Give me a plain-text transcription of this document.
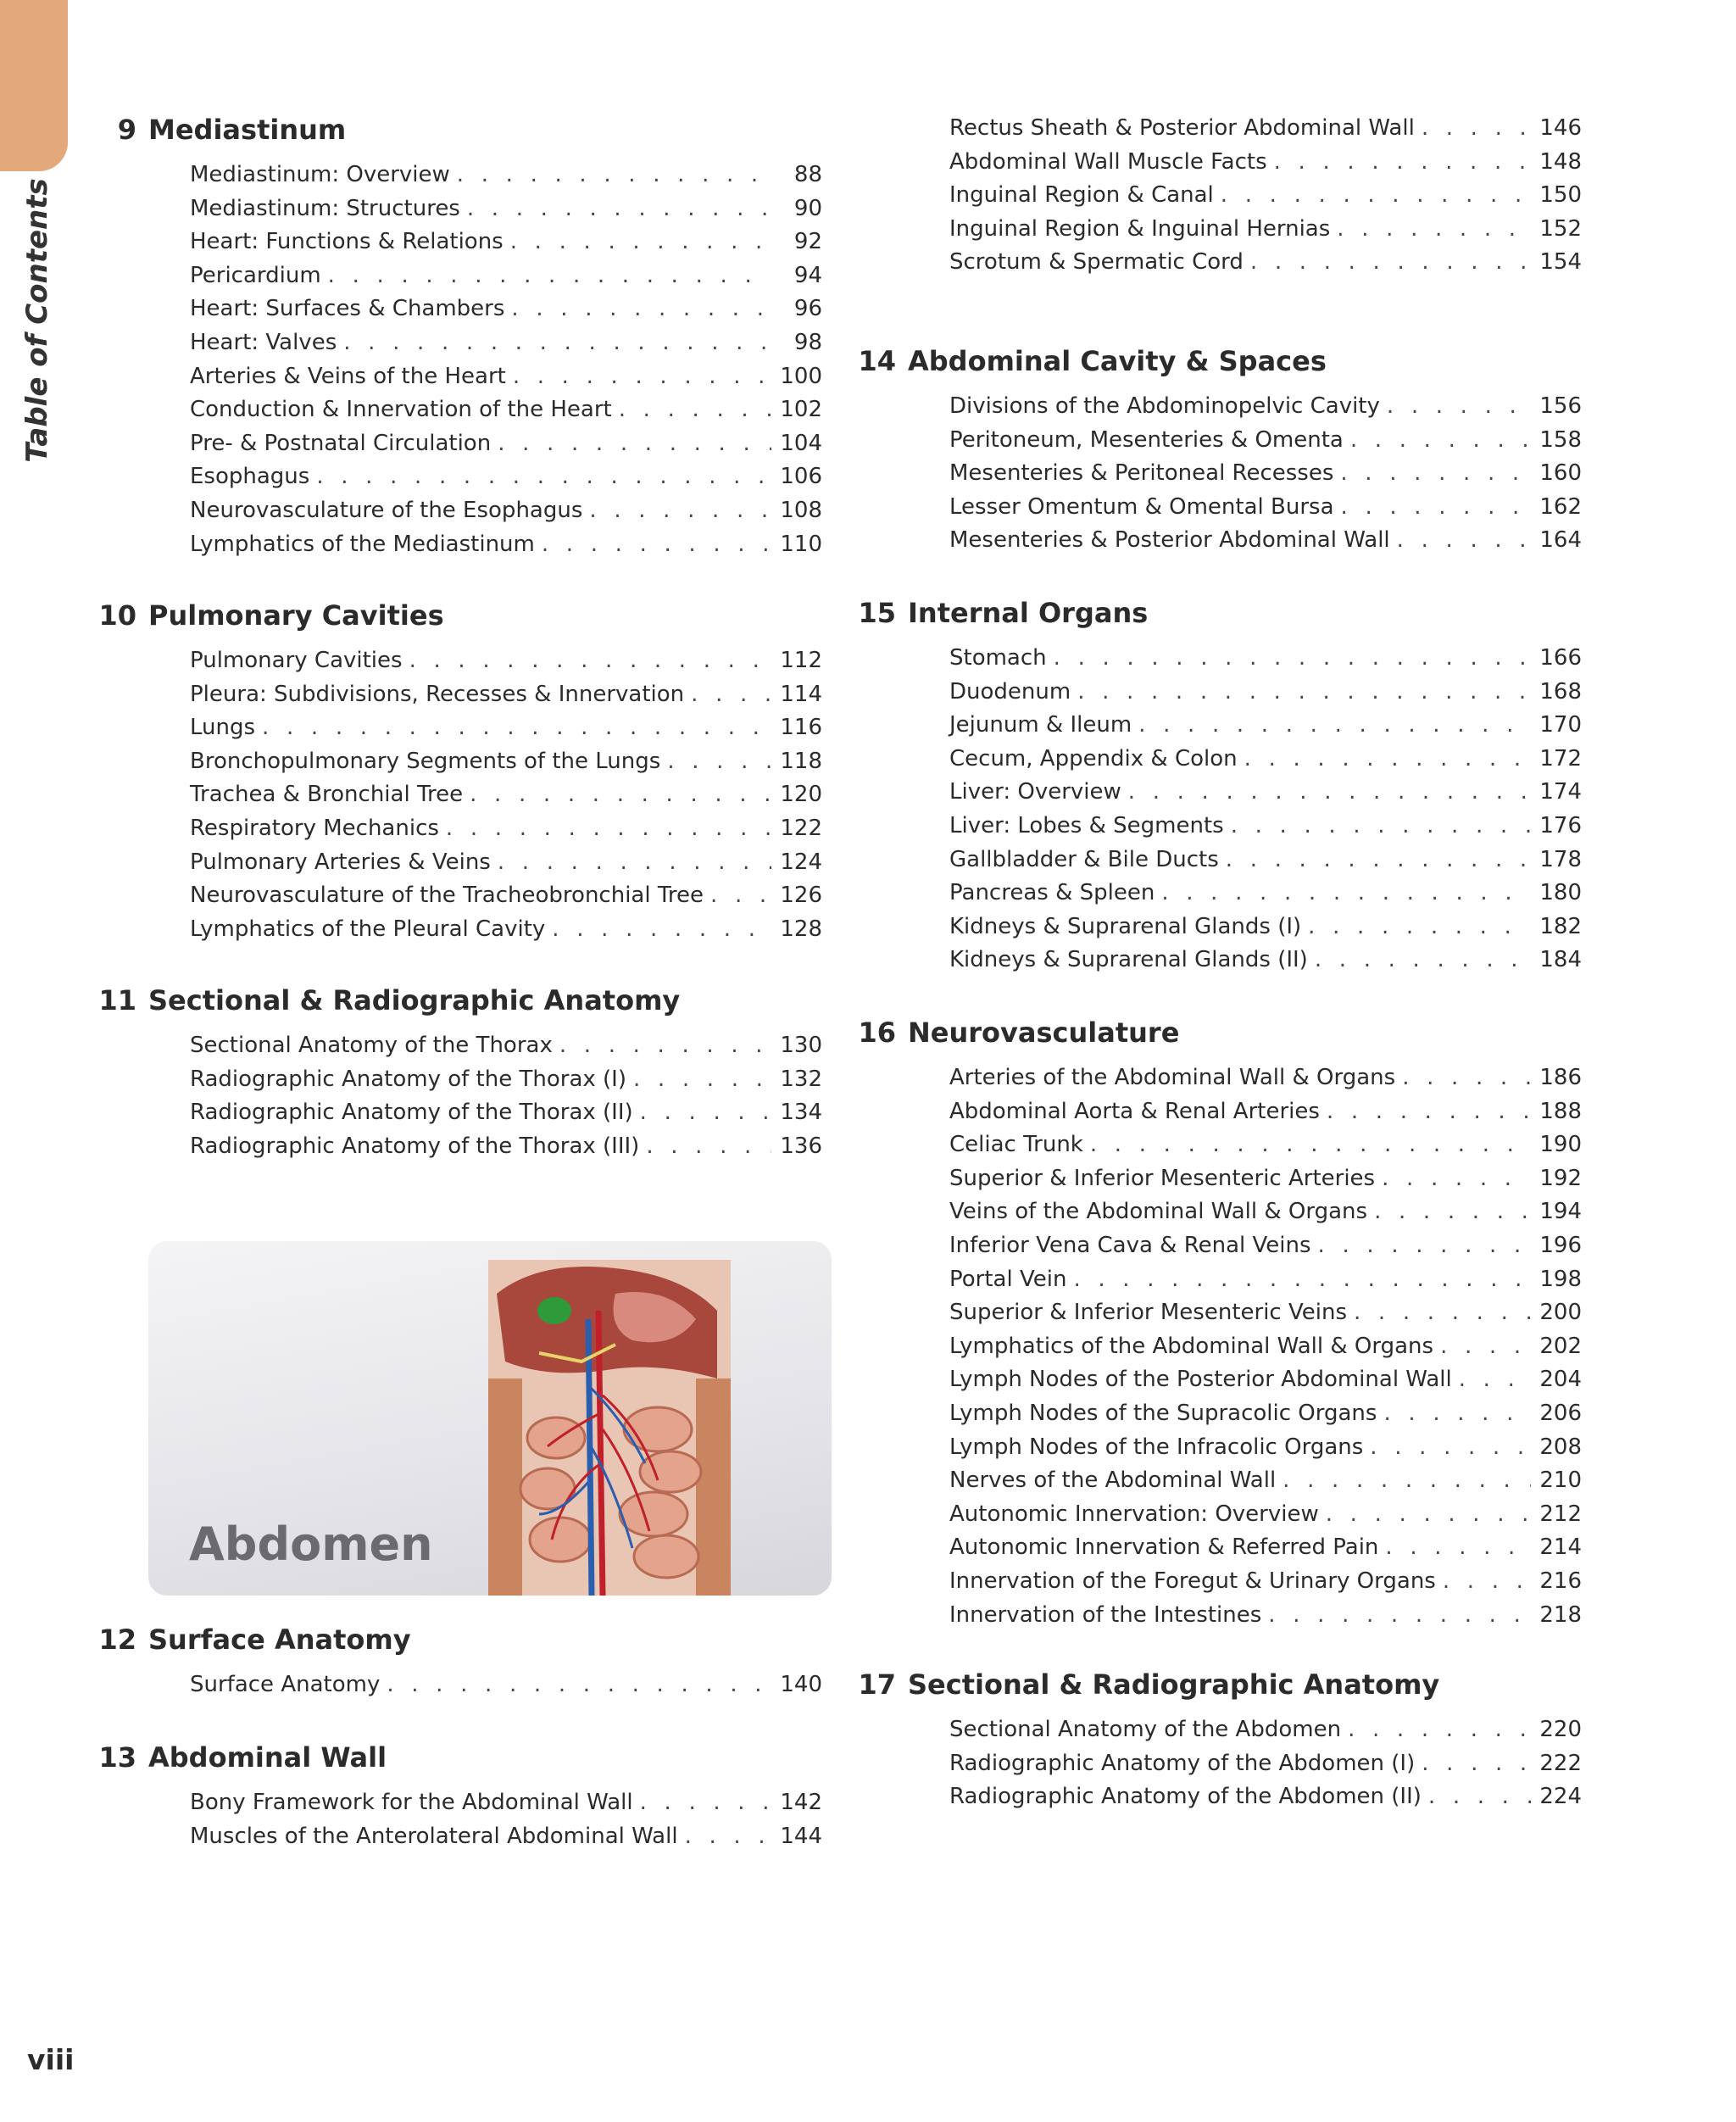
Table of Contents
9 Mediastinum
Mediastinum: Overview . . .	88
Mediastinum: Structures . . .	90
Heart: Functions & Relations . . .	92
Pericardium . . .	94
Heart: Surfaces & Chambers . . .	96
Heart: Valves . . .	98
Arteries & Veins of the Heart . . .	100
Conduction & Innervation of the Heart . . .	102
Pre- & Postnatal Circulation . . .	104
Esophagus . . .	106
Neurovasculature of the Esophagus . . .	108
Lymphatics of the Mediastinum . . .	110
10 Pulmonary Cavities
Pulmonary Cavities . . .	112
Pleura: Subdivisions, Recesses & Innervation . . .	114
Lungs . . .	116
Bronchopulmonary Segments of the Lungs . . .	118
Trachea & Bronchial Tree . . .	120
Respiratory Mechanics . . .	122
Pulmonary Arteries & Veins . . .	124
Neurovasculature of the Tracheobronchial Tree . . .	126
Lymphatics of the Pleural Cavity . . .	128
11 Sectional & Radiographic Anatomy
Sectional Anatomy of the Thorax . . .	130
Radiographic Anatomy of the Thorax (I) . . .	132
Radiographic Anatomy of the Thorax (II) . . .	134
Radiographic Anatomy of the Thorax (III) . . .	136
Abdomen
12 Surface Anatomy
Surface Anatomy . . .	140
13 Abdominal Wall
Bony Framework for the Abdominal Wall . . .	142
Muscles of the Anterolateral Abdominal Wall . . .	144
Rectus Sheath & Posterior Abdominal Wall . . .	146
Abdominal Wall Muscle Facts . . .	148
Inguinal Region & Canal . . .	150
Inguinal Region & Inguinal Hernias . . .	152
Scrotum & Spermatic Cord . . .	154
14 Abdominal Cavity & Spaces
Divisions of the Abdominopelvic Cavity . . .	156
Peritoneum, Mesenteries & Omenta . . .	158
Mesenteries & Peritoneal Recesses . . .	160
Lesser Omentum & Omental Bursa . . .	162
Mesenteries & Posterior Abdominal Wall . . .	164
15 Internal Organs
Stomach . . .	166
Duodenum . . .	168
Jejunum & Ileum . . .	170
Cecum, Appendix & Colon . . .	172
Liver: Overview . . .	174
Liver: Lobes & Segments . . .	176
Gallbladder & Bile Ducts . . .	178
Pancreas & Spleen . . .	180
Kidneys & Suprarenal Glands (I) . . .	182
Kidneys & Suprarenal Glands (II) . . .	184
16 Neurovasculature
Arteries of the Abdominal Wall & Organs . . .	186
Abdominal Aorta & Renal Arteries . . .	188
Celiac Trunk . . .	190
Superior & Inferior Mesenteric Arteries . . .	192
Veins of the Abdominal Wall & Organs . . .	194
Inferior Vena Cava & Renal Veins . . .	196
Portal Vein . . .	198
Superior & Inferior Mesenteric Veins . . .	200
Lymphatics of the Abdominal Wall & Organs . . .	202
Lymph Nodes of the Posterior Abdominal Wall . . .	204
Lymph Nodes of the Supracolic Organs . . .	206
Lymph Nodes of the Infracolic Organs . . .	208
Nerves of the Abdominal Wall . . .	210
Autonomic Innervation: Overview . . .	212
Autonomic Innervation & Referred Pain . . .	214
Innervation of the Foregut & Urinary Organs . . .	216
Innervation of the Intestines . . .	218
17 Sectional & Radiographic Anatomy
Sectional Anatomy of the Abdomen . . .	220
Radiographic Anatomy of the Abdomen (I) . . .	222
Radiographic Anatomy of the Abdomen (II) . . .	224
viii
